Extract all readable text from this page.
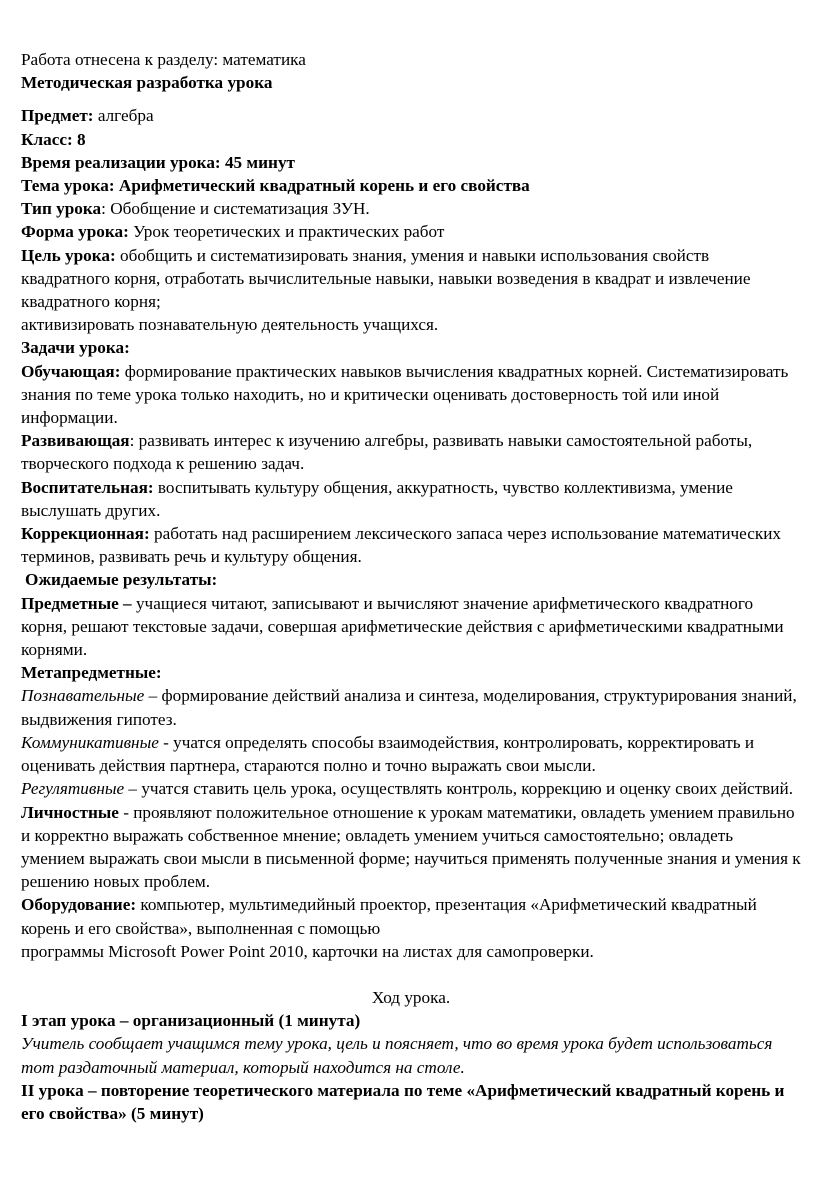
Работа отнесена к разделу: математика

Методическая разработка урока

Предмет: алгебра

Класс: 8

Время реализации урока: 45 минут

Тема урока: Арифметический квадратный корень и его свойства

Тип урока: Обобщение и систематизация ЗУН.

Форма урока: Урок теоретических и практических работ

Цель урока: обобщить и систематизировать знания, умения и навыки использования свойств квадратного корня, отработать вычислительные навыки, навыки возведения в квадрат и извлечение квадратного корня;

активизировать познавательную деятельность учащихся.

Задачи урока:

Обучающая: формирование практических навыков вычисления квадратных корней. Систематизировать знания по теме урока только находить, но и критически оценивать достоверность той или иной информации.

Развивающая: развивать интерес к изучению алгебры, развивать навыки самостоятельной работы, творческого подхода к решению задач.

Воспитательная: воспитывать культуру общения, аккуратность, чувство коллективизма, умение выслушать других.

Коррекционная: работать над расширением лексического запаса через использование математических терминов, развивать речь и культуру общения.

Ожидаемые результаты:

Предметные – учащиеся читают, записывают и вычисляют значение арифметического квадратного корня, решают текстовые задачи, совершая арифметические действия с арифметическими квадратными корнями.

Метапредметные:

Познавательные – формирование действий анализа и синтеза, моделирования, структурирования знаний, выдвижения гипотез.

Коммуникативные - учатся определять способы взаимодействия, контролировать, корректировать и оценивать действия партнера, стараются полно и точно выражать свои мысли.

Регулятивные – учатся ставить цель урока, осуществлять контроль, коррекцию и оценку своих действий.

Личностные - проявляют положительное отношение к урокам математики, овладеть умением правильно и корректно выражать собственное мнение; овладеть умением учиться самостоятельно; овладеть умением выражать свои мысли в письменной форме; научиться применять полученные знания и умения к решению новых проблем.

Оборудование: компьютер, мультимедийный проектор, презентация «Арифметический квадратный корень и его свойства», выполненная с помощью

программы Microsoft Power Point 2010, карточки на листах для самопроверки.

Ход урока.

I этап урока – организационный (1 минута)

Учитель сообщает учащимся тему урока, цель и поясняет, что во время урока будет использоваться тот раздаточный материал, который находится на столе.

II урока – повторение теоретического материала по теме «Арифметический квадратный корень и его свойства» (5 минут)
